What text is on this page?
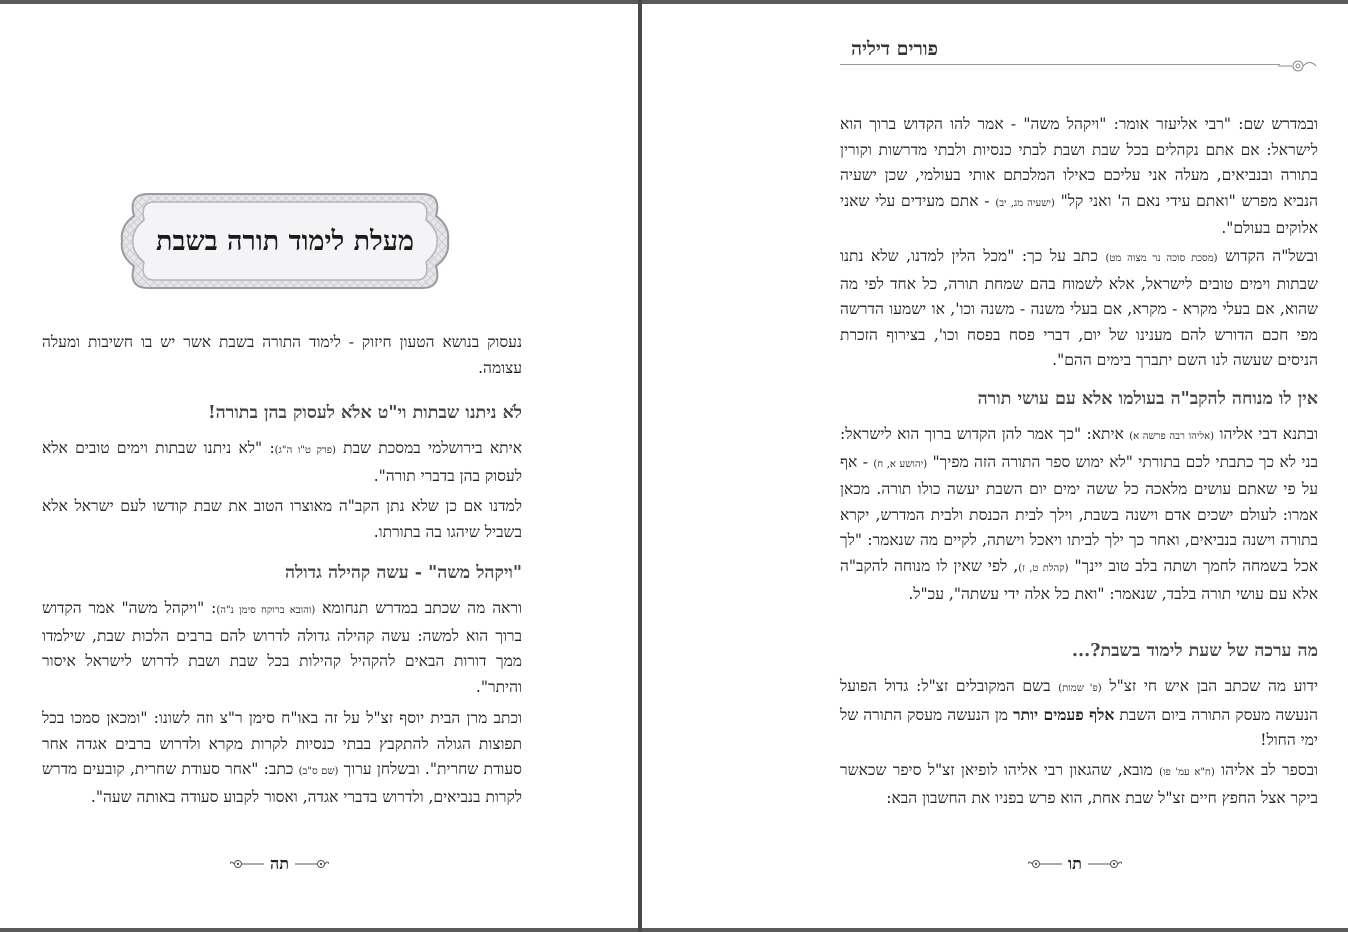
מעלת לימוד תורה בשבת

נעסוק בנושא הטעון חיזוק - לימוד התורה בשבת אשר יש בו חשיבות ומעלה עצומה.

לֹא ניתנו שבתות וי"ט אלֹא לעסוק בהן בתורה!

איתא בירושלמי במסכת שבת (פרק ט"ו ה"ג): "לא ניתנו שבתות וימים טובים אלא לעסוק בהן בדברי תורה".

למדנו אם כן שלא נתן הקב"ה מאוצרו הטוב את שבת קודשו לעם ישראל אלא בשביל שיהגו בה בתורתו.

"ויקהל משה" - עשה קהילה גדולה

וראה מה שכתב במדרש תנחומא (והובא ברוקח סימן נ"ה): "ויקהל משה" אמר הקדוש ברוך הוא למשה: עשה קהילה גדולה לדרוש להם ברבים הלכות שבת, שילמדו ממך דורות הבאים להקהיל קהילות בכל שבת ושבת לדרוש לישראל איסור והיתר".

וכתב מרן הבית יוסף זצ"ל על זה באו"ח סימן ר"צ וזה לשונו: "ומכאן סמכו בכל תפוצות הגולה להתקבץ בבתי כנסיות לקרות מקרא ולדרוש ברבים אגדה אחר סעודת שחרית". ובשלחן ערוך (שם ס"ב) כתב: "אחר סעודת שחרית, קובעים מדרש לקרות בנביאים, ולדרוש בדברי אגדה, ואסור לקבוע סעודה באותה שעה".

תה
פורים דיליה

ובמדרש שם: "רבי אליעזר אומר: "ויקהל משה" - אמר להו הקדוש ברוך הוא לישראל: אם אתם נקהלים בכל שבת ושבת לבתי כנסיות ולבתי מדרשות וקורין בתורה ובנביאים, מעלה אני עליכם כאילו המלכתם אותי בעולמי, שכן ישעיה הנביא מפרש "ואתם עידי נאם ה' ואני קל" (ישעיה מג, יב) - אתם מעידים עלי שאני אלוקים בעולם".

ובשל"ה הקדוש (מסכת סוכה נר מצוה מט) כתב על כך: "מכל הלין למדנו, שלא נתנו שבתות וימים טובים לישראל, אלא לשמוח בהם שמחת תורה, כל אחד לפי מה שהוא, אם בעלי מקרא - מקרא, אם בעלי משנה - משנה וכו', או ישמעו הדרשה מפי חכם הדורש להם מענינו של יום, דברי פסח בפסח וכו', בצירוף הזכרת הניסים שעשה לנו השם יתברך בימים ההם".

אין לו מנוחה להקב"ה בעולמו אלא עם עושי תורה

ובתנא דבי אליהו (אליהו רבה פרשה א) איתא: "כך אמר להן הקדוש ברוך הוא לישראל: בני לא כך כתבתי לכם בתורתי "לא ימוש ספר התורה הזה מפיך" (יהושע א, ח) - אף על פי שאתם עושים מלאכה כל ששה ימים יום השבת יעשה כולו תורה. מכאן אמרו: לעולם ישכים אדם וישנה בשבת, וילך לבית הכנסת ולבית המדרש, יקרא בתורה וישנה בנביאים, ואחר כך ילך לביתו ויאכל וישתה, לקיים מה שנאמר: "לך אכל בשמחה לחמך ושתה בלב טוב יינך" (קהלת ט, ז), לפי שאין לו מנוחה להקב"ה אלא עם עושי תורה בלבד, שנאמר: "ואת כל אלה ידי עשתה", עכ"ל.

מה ערכה של שעת לימוד בשבת?...

ידוע מה שכתב הבן איש חי זצ"ל (פ' שמות) בשם המקובלים זצ"ל: גדול הפועל הנעשה מעסק התורה ביום השבת אלף פעמים יותר מן הנעשה מעסק התורה של ימי החול!

ובספר לב אליהו (ח"א עמ' פו) מובא, שהגאון רבי אליהו לופיאן זצ"ל סיפר שכאשר ביקר אצל החפץ חיים זצ"ל שבת אחת, הוא פרש בפניו את החשבון הבא:

תו
